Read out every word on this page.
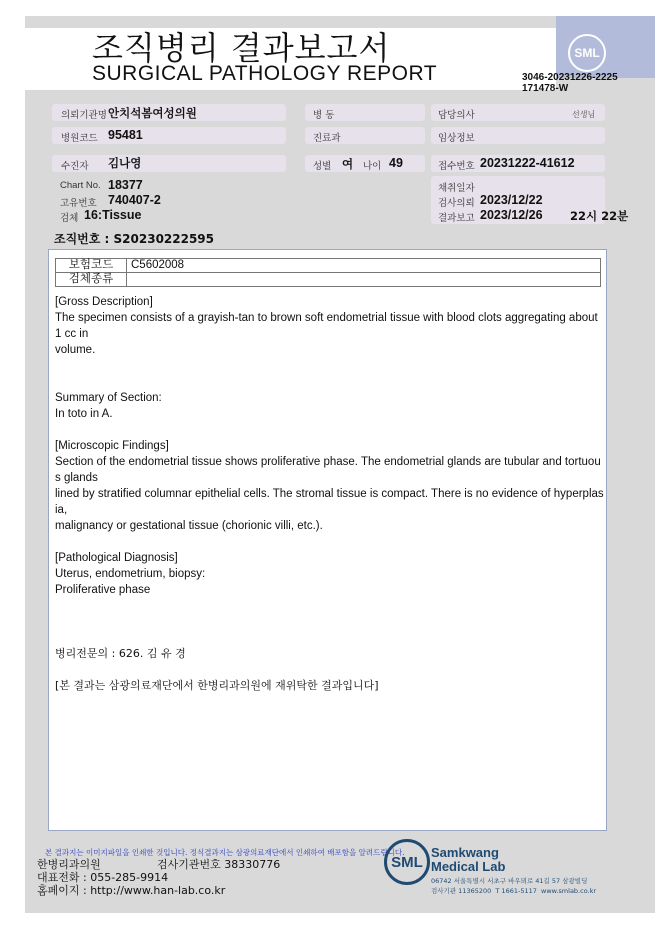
조직병리 결과보고서
SURGICAL PATHOLOGY REPORT
SML
3046-20231226-2225
171478-W
의뢰기관명 안치석봄여성의원	병 동	담당의사	선생님
병원코드 95481	진료과	임상정보
수진자 김나영	성별 여 나이 49	접수번호 20231222-41612
Chart No. 18377
고유번호 740407-2
검체 16:Tissue
채취일자
검사의뢰 2023/12/22
결과보고 2023/12/26 22시 22분
조직번호 : S20230222595
보험코드	C5602008
검체종류	

[Gross Description]

The specimen consists of a grayish-tan to brown soft endometrial tissue with blood clots aggregating about 1 cc in
volume.

Summary of Section:

In toto in A.

[Microscopic Findings]

Section of the endometrial tissue shows proliferative phase. The endometrial glands are tubular and tortuous glands
lined by stratified columnar epithelial cells. The stromal tissue is compact. There is no evidence of hyperplasia,
malignancy or gestational tissue (chorionic villi, etc.).

[Pathological Diagnosis]

Uterus, endometrium, biopsy:

Proliferative phase

병리전문의 : 626. 김 유 경

[본 결과는 삼광의료재단에서 한병리과의원에 재위탁한 결과입니다]

본 결과지는 이미지파일을 인쇄한 것입니다. 정식결과지는 삼광의료재단에서 인쇄하여 배포함을 알려드립니다.
한병리과의원	검사기관번호 38330776
대표전화 : 055-285-9914
홈페이지 : http://www.han-lab.co.kr
SML
Samkwang
Medical Lab
06742 서울특별시 서초구 바우뫼로 41길 57 삼광빌딩
검사기관 11365200  T 1661-5117  www.smlab.co.kr
